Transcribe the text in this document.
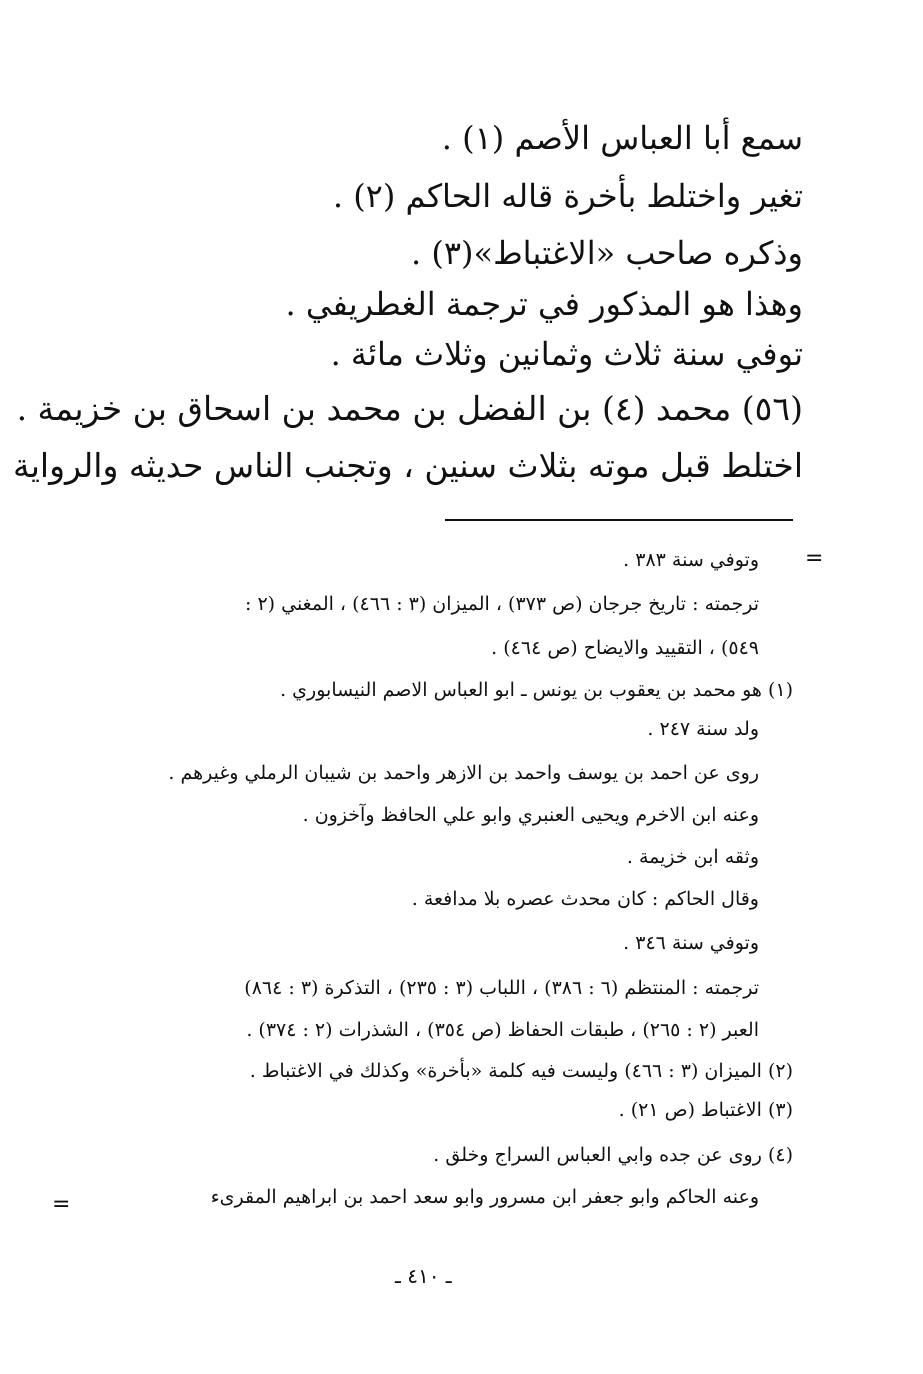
سمع أبا العباس الأصم (١) .
تغير واختلط بأخرة قاله الحاكم (٢) .
وذكره صاحب «الاغتباط»(٣) .
وهذا هو المذكور في ترجمة الغطريفي .
توفي سنة ثلاث وثمانين وثلاث مائة .
(٥٦) محمد (٤) بن الفضل بن محمد بن اسحاق بن خزيمة .
اختلط قبل موته بثلاث سنين ، وتجنب الناس حديثه والرواية
=
وتوفي سنة ٣٨٣ .
ترجمته : تاريخ جرجان (ص ٣٧٣) ، الميزان (٣ : ٤٦٦) ، المغني (٢ :
٥٤٩) ، التقييد والايضاح (ص ٤٦٤) .
(١) هو محمد بن يعقوب بن يونس ـ ابو العباس الاصم النيسابوري .
ولد سنة ٢٤٧ .
روى عن احمد بن يوسف واحمد بن الازهر واحمد بن شيبان الرملي وغيرهم .
وعنه ابن الاخرم ويحيى العنبري وابو علي الحافظ وآخزون .
وثقه ابن خزيمة .
وقال الحاكم : كان محدث عصره بلا مدافعة .
وتوفي سنة ٣٤٦ .
ترجمته : المنتظم (٦ : ٣٨٦) ، اللباب (٣ : ٢٣٥) ، التذكرة (٣ : ٨٦٤)
العبر (٢ : ٢٦٥) ، طبقات الحفاظ (ص ٣٥٤) ، الشذرات (٢ : ٣٧٤) .
(٢) الميزان (٣ : ٤٦٦) وليست فيه كلمة «بأخرة» وكذلك في الاغتباط .
(٣) الاغتباط (ص ٢١) .
(٤) روى عن جده وابي العباس السراج وخلق .
وعنه الحاكم وابو جعفر ابن مسرور وابو سعد احمد بن ابراهيم المقرىء
=
ـ ٤١٠ ـ
